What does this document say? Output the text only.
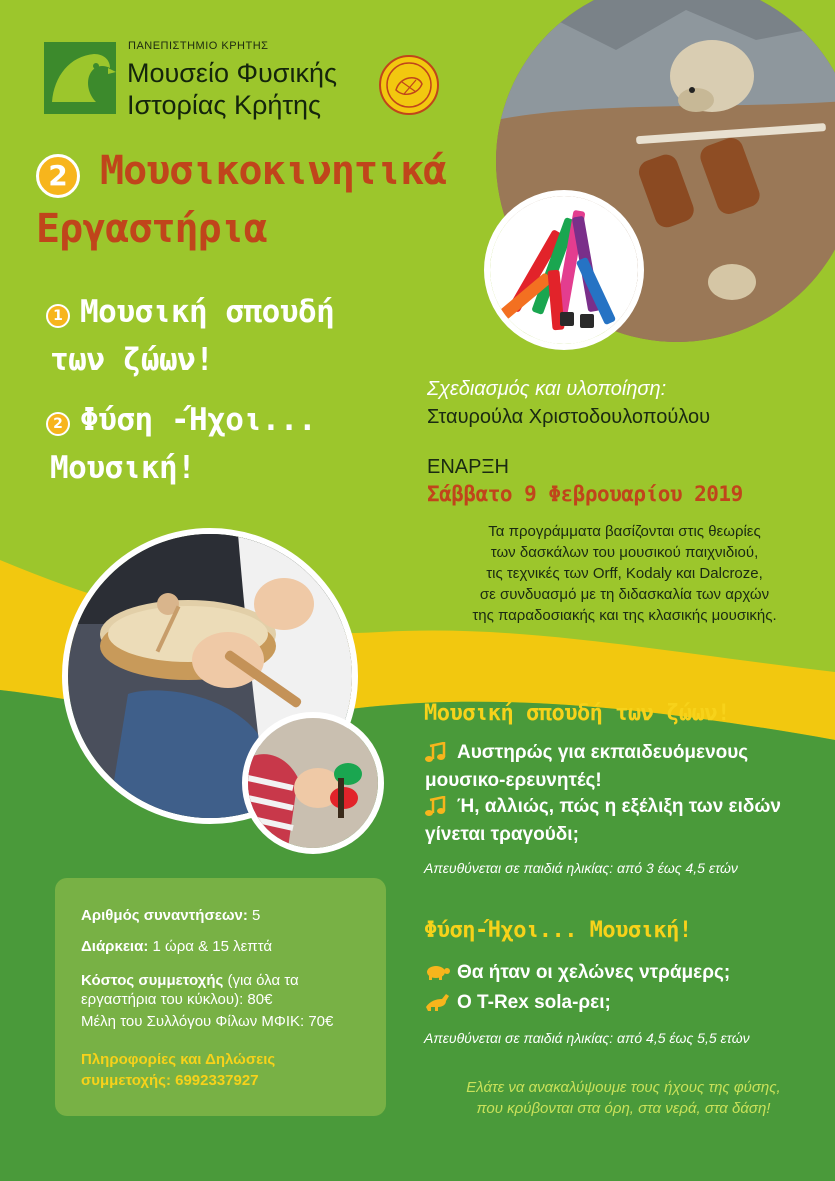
ΠΑΝΕΠΙΣΤΗΜΙΟ ΚΡΗΤΗΣ
Μουσείο Φυσικής
Ιστορίας Κρήτης
2 Μουσικοκινητικά
Εργαστήρια
1 Μουσική σπουδή
των ζώων!
2 Φύση -Ήχοι...
Μουσική!
Σχεδιασμός και υλοποίηση:
Σταυρούλα Χριστοδουλοπούλου
ΕΝΑΡΞΗ
Σάββατο 9 Φεβρουαρίου 2019
Τα προγράμματα βασίζονται στις θεωρίες
των δασκάλων του μουσικού παιχνιδιού,
τις τεχνικές των Orff, Kodaly και Dalcroze,
σε συνδυασμό με τη διδασκαλία των αρχών
της παραδοσιακής και της κλασικής μουσικής.
Μουσική σπουδή των ζώων!
Αυστηρώς για εκπαιδευόμενους
μουσικο-ερευνητές!
Ή, αλλιώς, πώς η εξέλιξη των ειδών
γίνεται τραγούδι;
Απευθύνεται σε παιδιά ηλικίας: από 3 έως 4,5 ετών
Φύση-Ήχοι... Μουσική!
Θα ήταν οι χελώνες ντράμερς;
Ο T-Rex sola-ρει;
Απευθύνεται σε παιδιά ηλικίας: από 4,5 έως 5,5 ετών
Ελάτε να ανακαλύψουμε τους ήχους της φύσης,
που κρύβονται στα όρη, στα νερά, στα δάση!
Αριθμός συναντήσεων: 5
Διάρκεια: 1 ώρα & 15 λεπτά
Κόστος συμμετοχής (για όλα τα
εργαστήρια του κύκλου): 80€
Μέλη του Συλλόγου Φίλων ΜΦΙΚ: 70€
Πληροφορίες και Δηλώσεις
συμμετοχής: 6992337927
